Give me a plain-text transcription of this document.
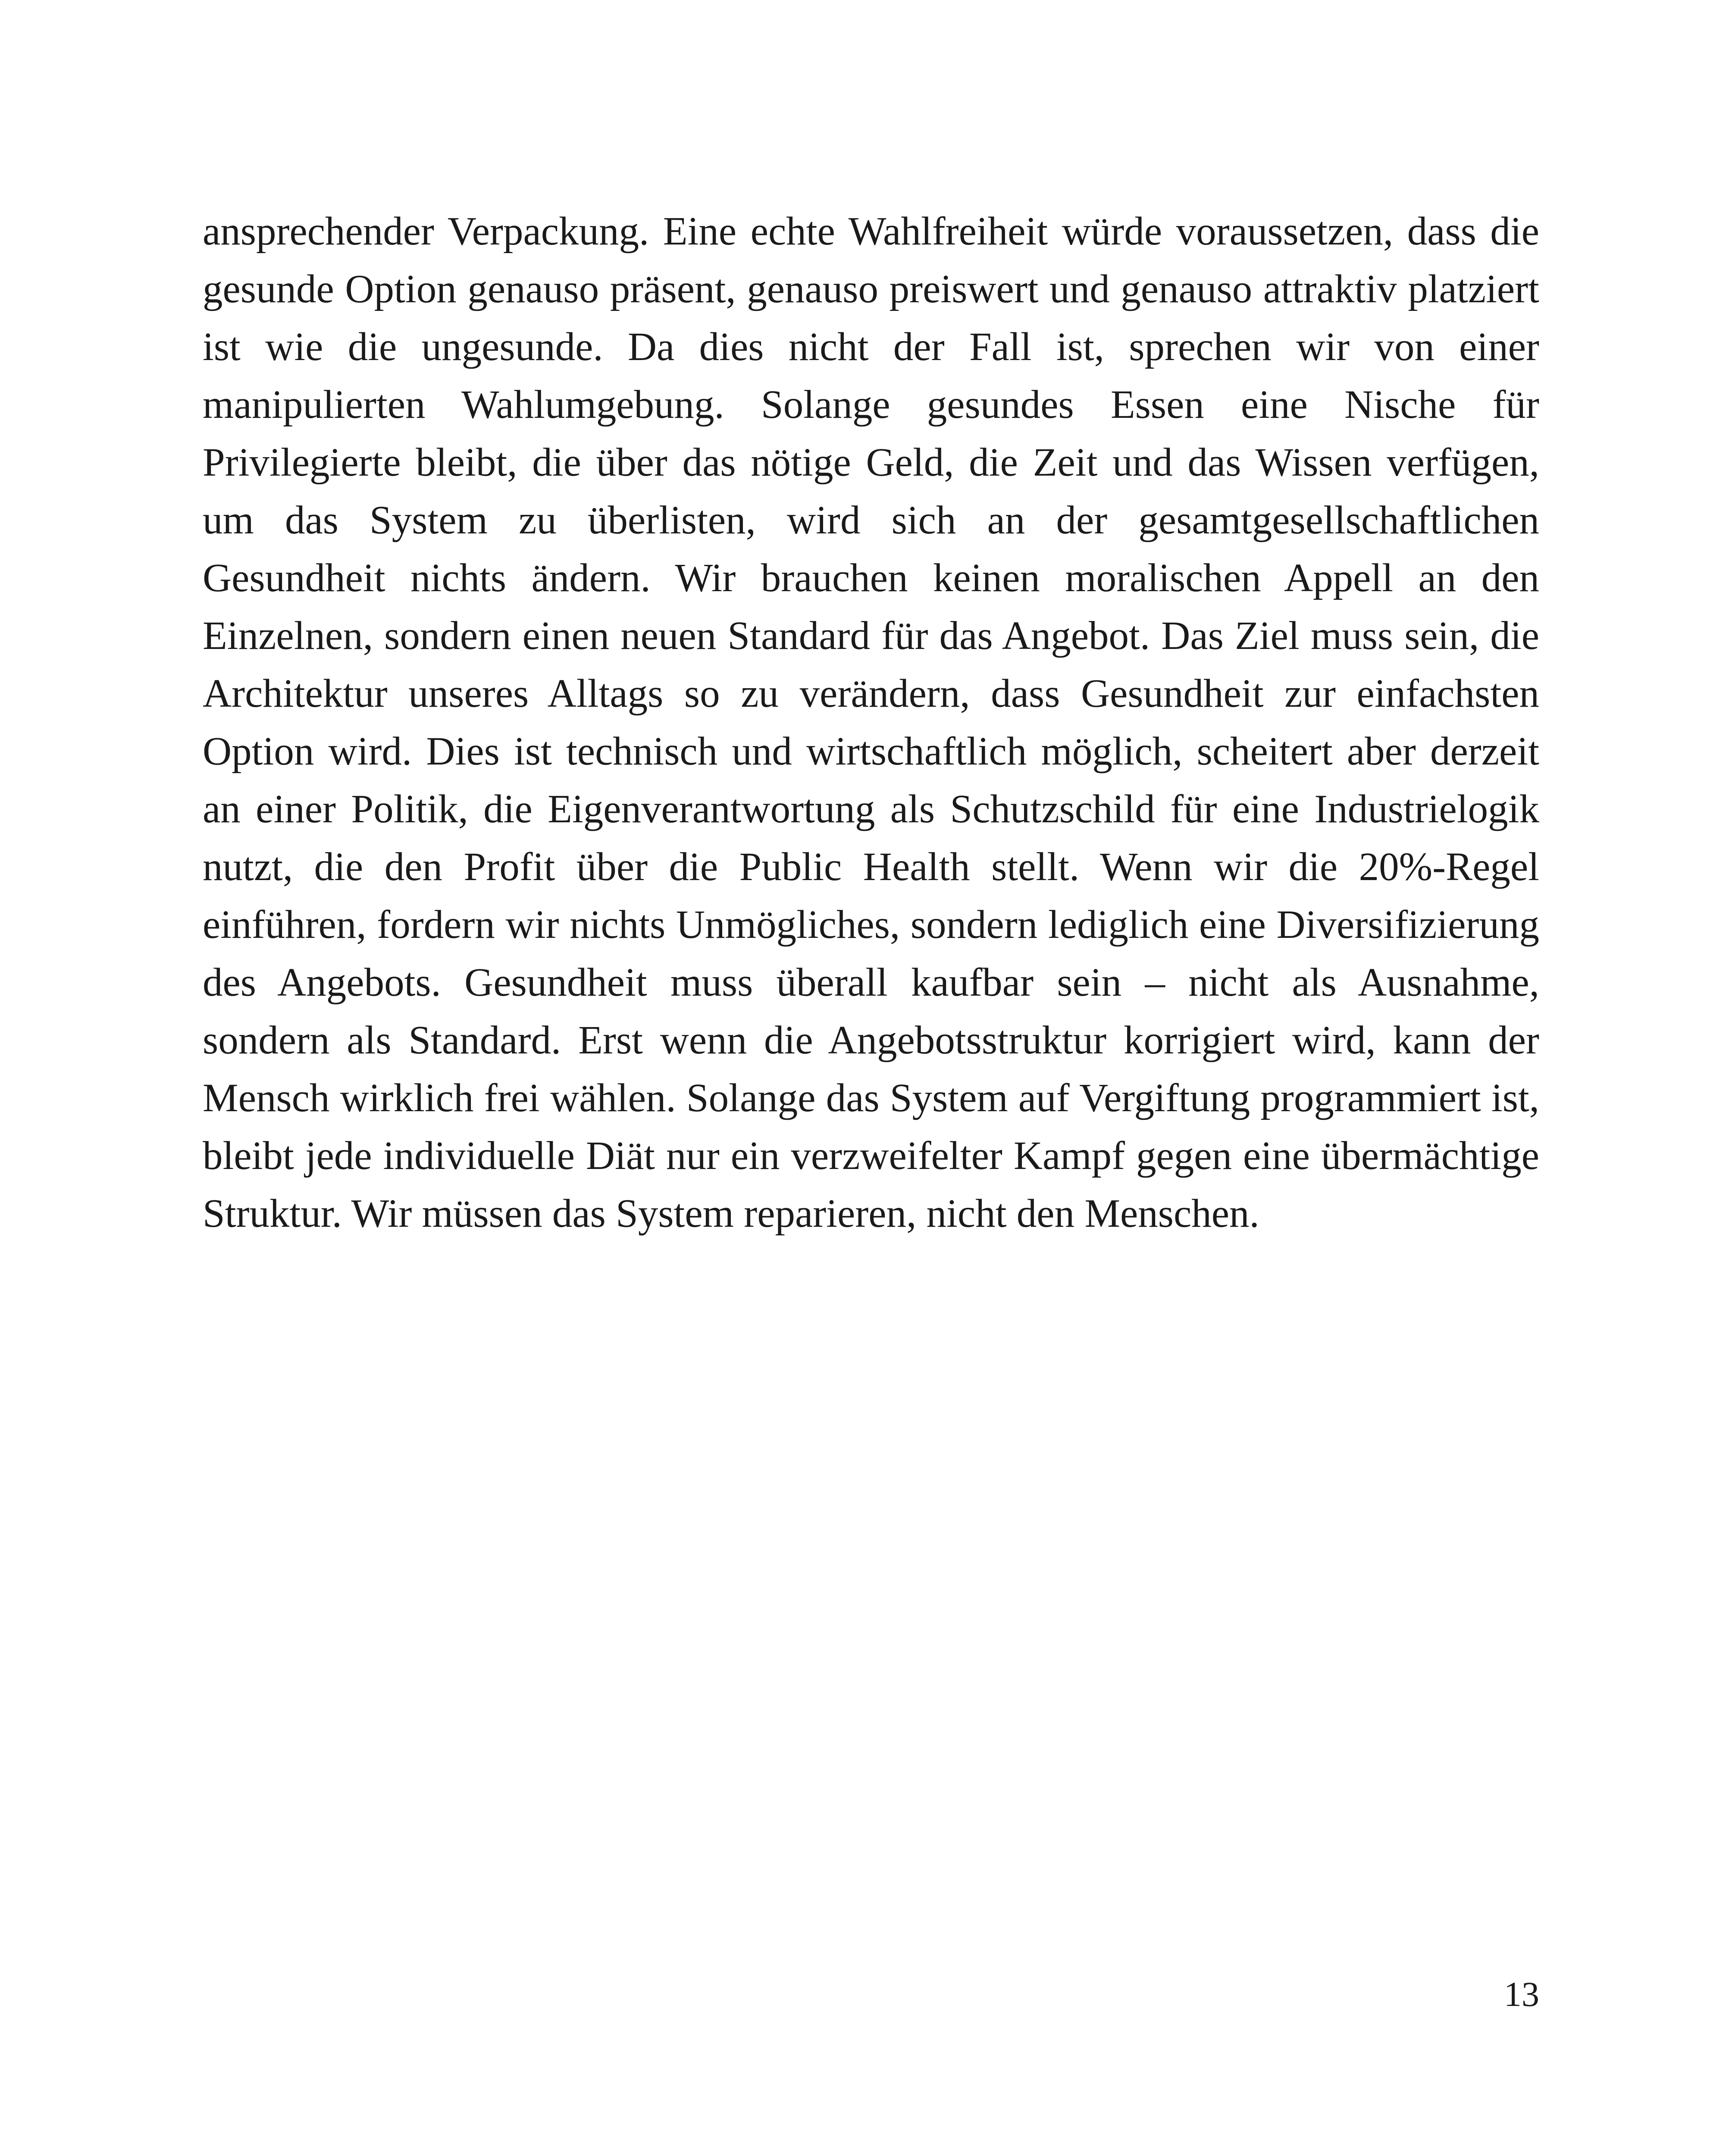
ansprechender Verpackung. Eine echte Wahlfreiheit würde voraussetzen, dass die gesunde Option genauso präsent, genauso preiswert und genauso attraktiv platziert ist wie die ungesunde. Da dies nicht der Fall ist, sprechen wir von einer manipulierten Wahlumgebung. Solange gesundes Essen eine Nische für Privilegierte bleibt, die über das nötige Geld, die Zeit und das Wissen verfügen, um das System zu überlisten, wird sich an der gesamtgesellschaftlichen Gesundheit nichts ändern. Wir brauchen keinen moralischen Appell an den Einzelnen, sondern einen neuen Standard für das Angebot. Das Ziel muss sein, die Architektur unseres Alltags so zu verändern, dass Gesundheit zur einfachsten Option wird. Dies ist technisch und wirtschaftlich möglich, scheitert aber derzeit an einer Politik, die Eigenverantwortung als Schutzschild für eine Industrielogik nutzt, die den Profit über die Public Health stellt. Wenn wir die 20%-Regel einführen, fordern wir nichts Unmögliches, sondern lediglich eine Diversifizierung des Angebots. Gesundheit muss überall kaufbar sein – nicht als Ausnahme, sondern als Standard. Erst wenn die Angebotsstruktur korrigiert wird, kann der Mensch wirklich frei wählen. Solange das System auf Vergiftung programmiert ist, bleibt jede individuelle Diät nur ein verzweifelter Kampf gegen eine übermächtige Struktur. Wir müssen das System reparieren, nicht den Menschen.

13
